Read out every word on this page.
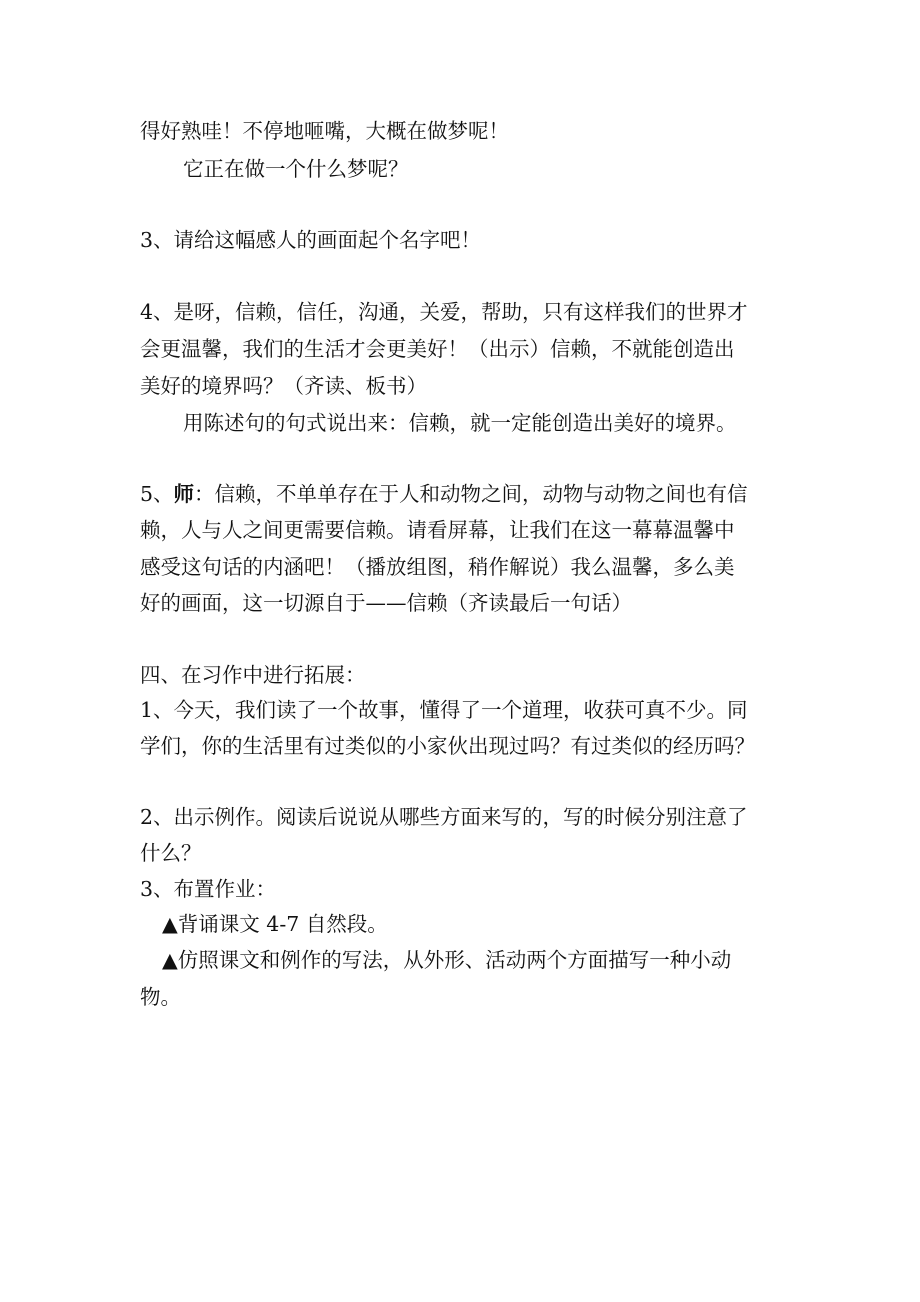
得好熟哇！不停地咂嘴，大概在做梦呢！

它正在做一个什么梦呢？

3、请给这幅感人的画面起个名字吧！

4、是呀，信赖，信任，沟通，关爱，帮助，只有这样我们的世界才

会更温馨，我们的生活才会更美好！（出示）信赖，不就能创造出

美好的境界吗？（齐读、板书）

用陈述句的句式说出来：信赖，就一定能创造出美好的境界。

5、师：信赖，不单单存在于人和动物之间，动物与动物之间也有信

赖，人与人之间更需要信赖。请看屏幕，让我们在这一幕幕温馨中

感受这句话的内涵吧！（播放组图，稍作解说）我么温馨，多么美

好的画面，这一切源自于——信赖（齐读最后一句话）

四、在习作中进行拓展：

1、今天，我们读了一个故事，懂得了一个道理，收获可真不少。同

学们，你的生活里有过类似的小家伙出现过吗？有过类似的经历吗？

2、出示例作。阅读后说说从哪些方面来写的，写的时候分别注意了

什么？

3、布置作业：

▲背诵课文 4-7 自然段。

▲仿照课文和例作的写法，从外形、活动两个方面描写一种小动

物。
